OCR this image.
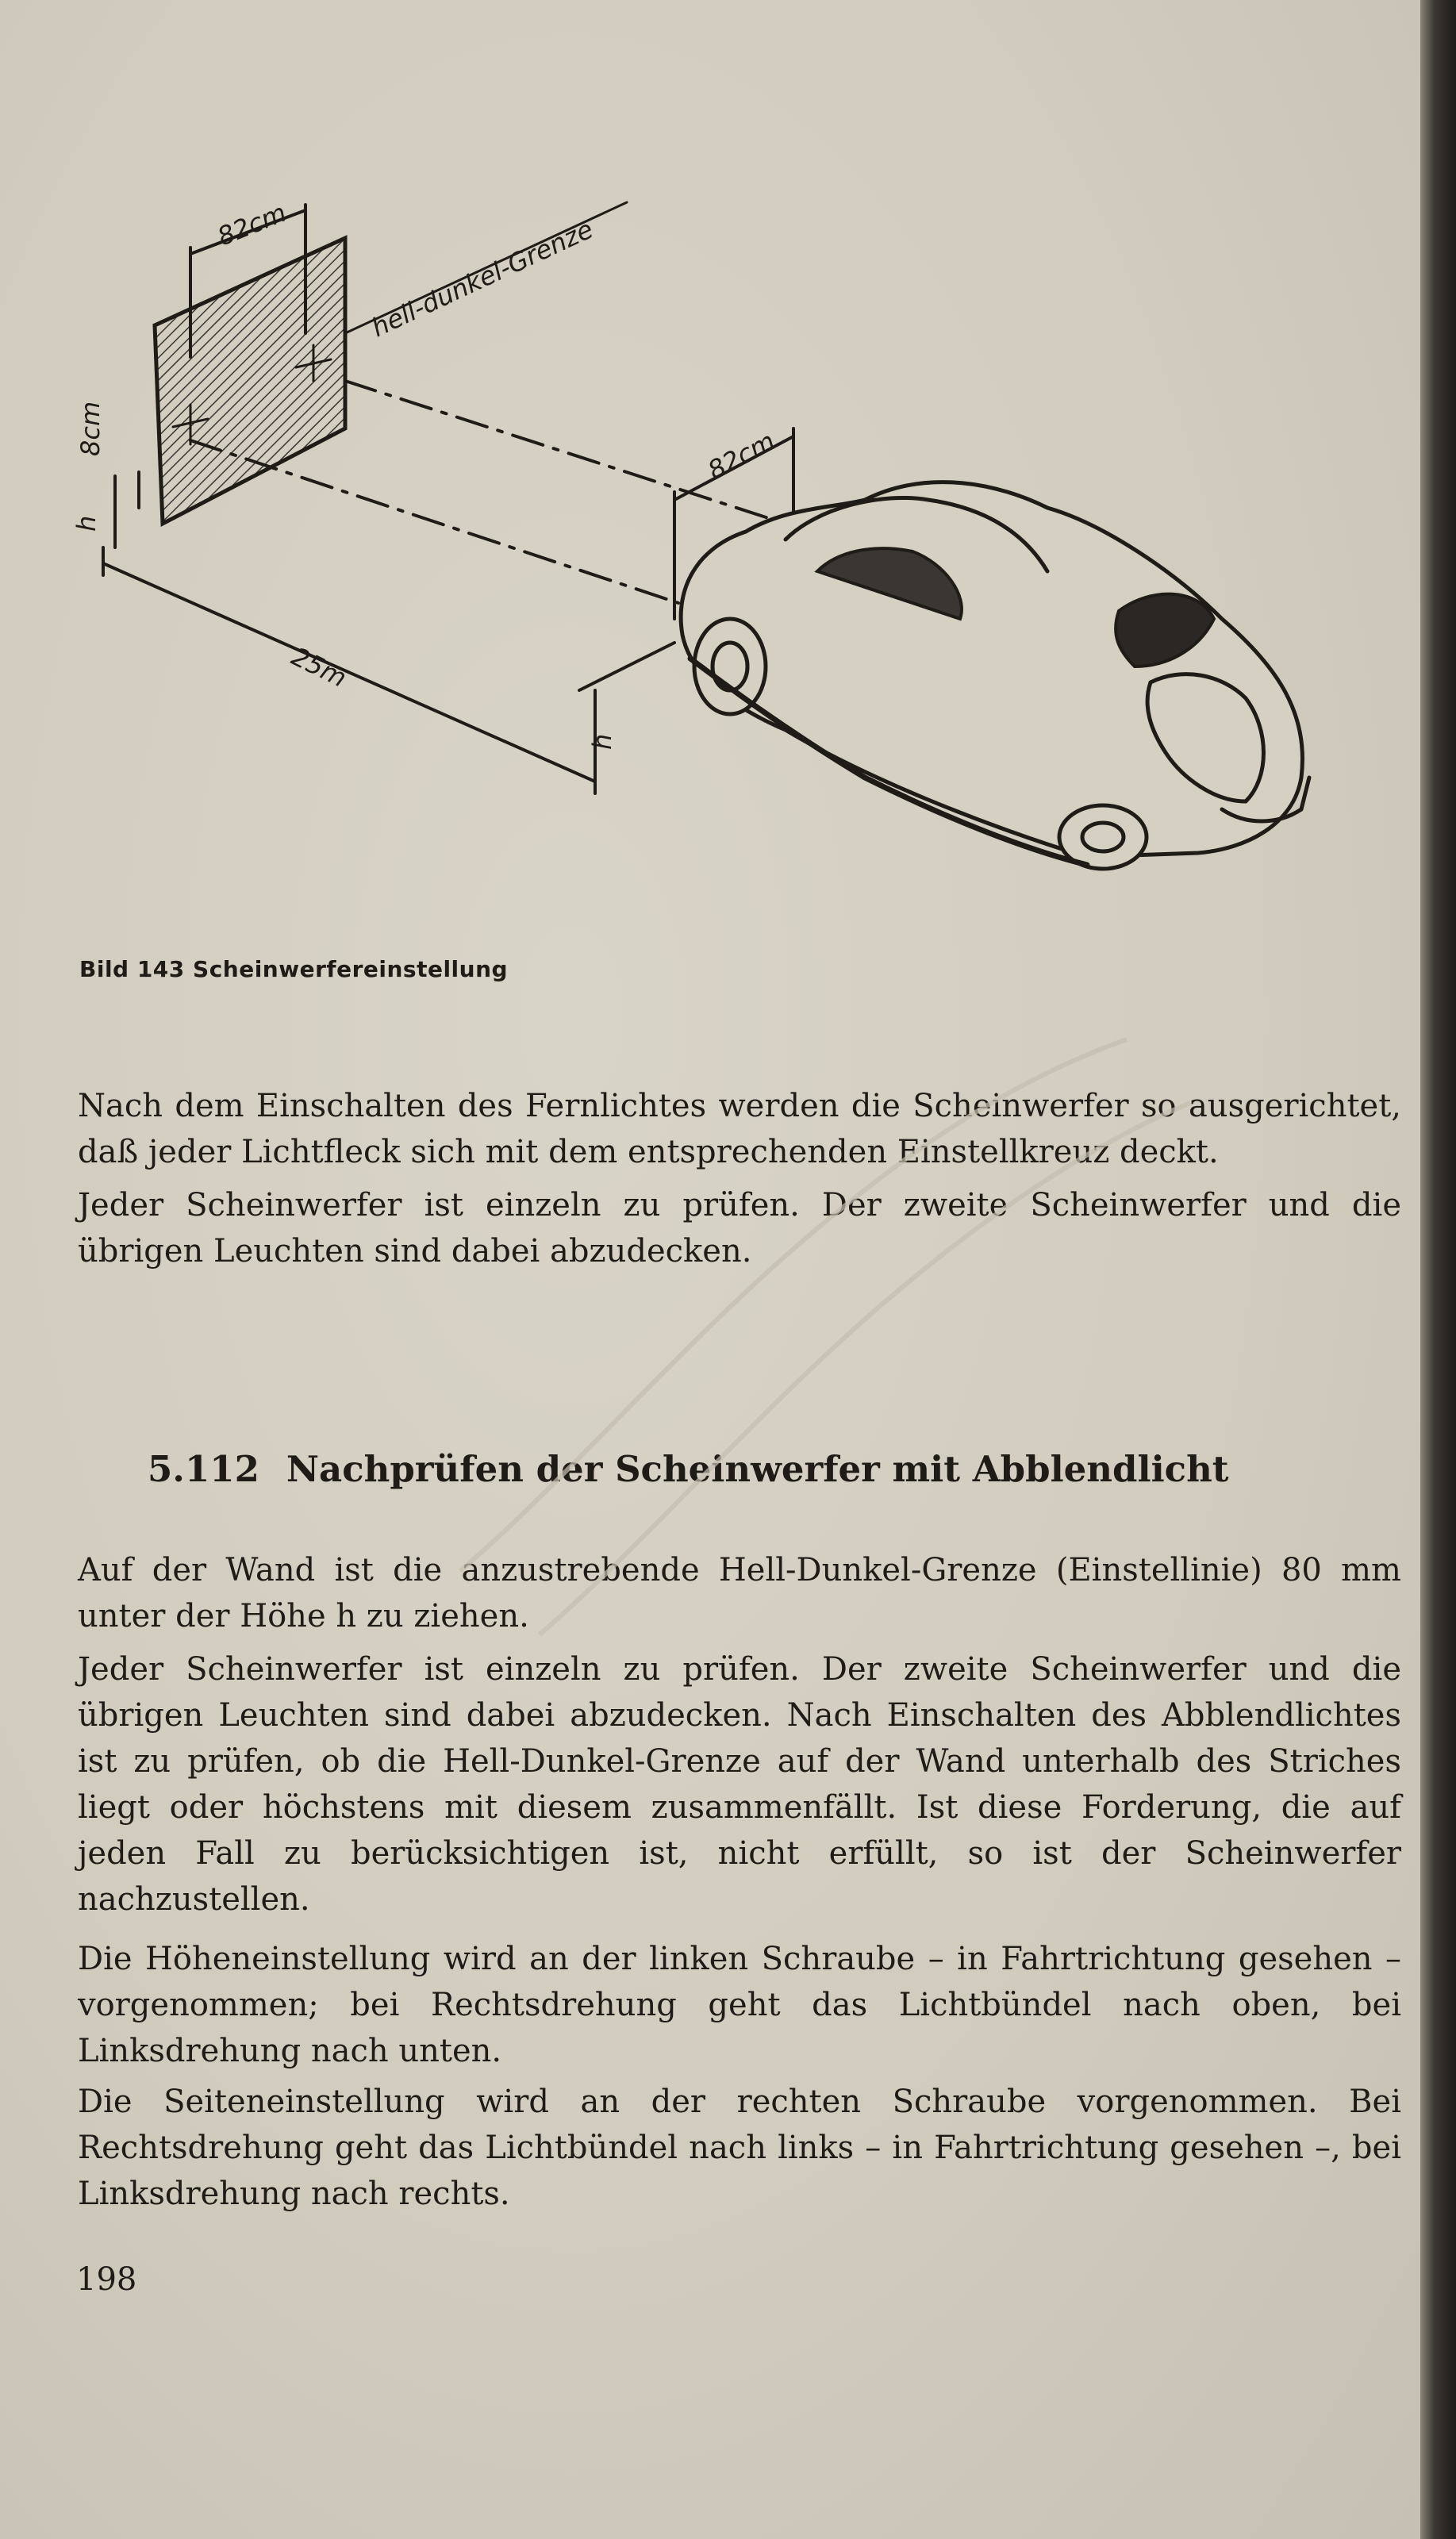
82cm	hell-dunkel-Grenze
8cm
h
25m
82cm
h
Bild 143 Scheinwerfereinstellung

Nach dem Einschalten des Fernlichtes werden die Scheinwerfer so ausgerichtet, daß jeder Lichtfleck sich mit dem entsprechenden Einstellkreuz deckt.

Jeder Scheinwerfer ist einzeln zu prüfen. Der zweite Scheinwerfer und die übrigen Leuchten sind dabei abzudecken.

5.112 Nachprüfen der Scheinwerfer mit Abblendlicht

Auf der Wand ist die anzustrebende Hell-Dunkel-Grenze (Einstellinie) 80 mm unter der Höhe h zu ziehen.

Jeder Scheinwerfer ist einzeln zu prüfen. Der zweite Scheinwerfer und die übrigen Leuchten sind dabei abzudecken. Nach Einschalten des Abblendlichtes ist zu prüfen, ob die Hell-Dunkel-Grenze auf der Wand unterhalb des Striches liegt oder höchstens mit diesem zusammenfällt. Ist diese Forderung, die auf jeden Fall zu berücksichtigen ist, nicht erfüllt, so ist der Scheinwerfer nachzustellen.

Die Höheneinstellung wird an der linken Schraube – in Fahrtrichtung gesehen – vorgenommen; bei Rechtsdrehung geht das Lichtbündel nach oben, bei Linksdrehung nach unten.

Die Seiteneinstellung wird an der rechten Schraube vorgenommen. Bei Rechtsdrehung geht das Lichtbündel nach links – in Fahrtrichtung gesehen –, bei Linksdrehung nach rechts.

198
